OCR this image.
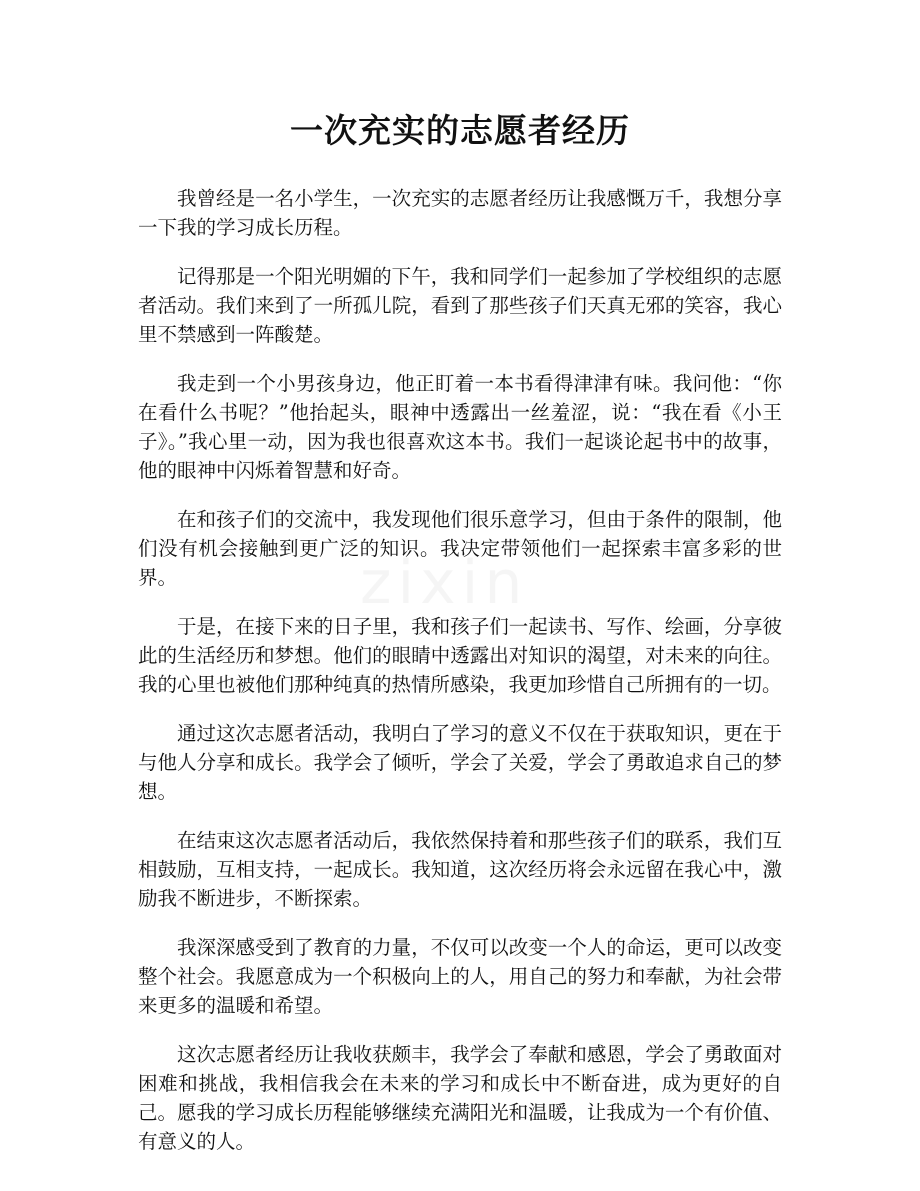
一次充实的志愿者经历

我曾经是一名小学生，一次充实的志愿者经历让我感慨万千，我想分享一下我的学习成长历程。

记得那是一个阳光明媚的下午，我和同学们一起参加了学校组织的志愿者活动。我们来到了一所孤儿院，看到了那些孩子们天真无邪的笑容，我心里不禁感到一阵酸楚。

我走到一个小男孩身边，他正盯着一本书看得津津有味。我问他：“你在看什么书呢？”他抬起头，眼神中透露出一丝羞涩，说：“我在看《小王子》。”我心里一动，因为我也很喜欢这本书。我们一起谈论起书中的故事，他的眼神中闪烁着智慧和好奇。

在和孩子们的交流中，我发现他们很乐意学习，但由于条件的限制，他们没有机会接触到更广泛的知识。我决定带领他们一起探索丰富多彩的世界。

于是，在接下来的日子里，我和孩子们一起读书、写作、绘画，分享彼此的生活经历和梦想。他们的眼睛中透露出对知识的渴望，对未来的向往。我的心里也被他们那种纯真的热情所感染，我更加珍惜自己所拥有的一切。

通过这次志愿者活动，我明白了学习的意义不仅在于获取知识，更在于与他人分享和成长。我学会了倾听，学会了关爱，学会了勇敢追求自己的梦想。

在结束这次志愿者活动后，我依然保持着和那些孩子们的联系，我们互相鼓励，互相支持，一起成长。我知道，这次经历将会永远留在我心中，激励我不断进步，不断探索。

我深深感受到了教育的力量，不仅可以改变一个人的命运，更可以改变整个社会。我愿意成为一个积极向上的人，用自己的努力和奉献，为社会带来更多的温暖和希望。

这次志愿者经历让我收获颇丰，我学会了奉献和感恩，学会了勇敢面对困难和挑战，我相信我会在未来的学习和成长中不断奋进，成为更好的自己。愿我的学习成长历程能够继续充满阳光和温暖，让我成为一个有价值、有意义的人。
